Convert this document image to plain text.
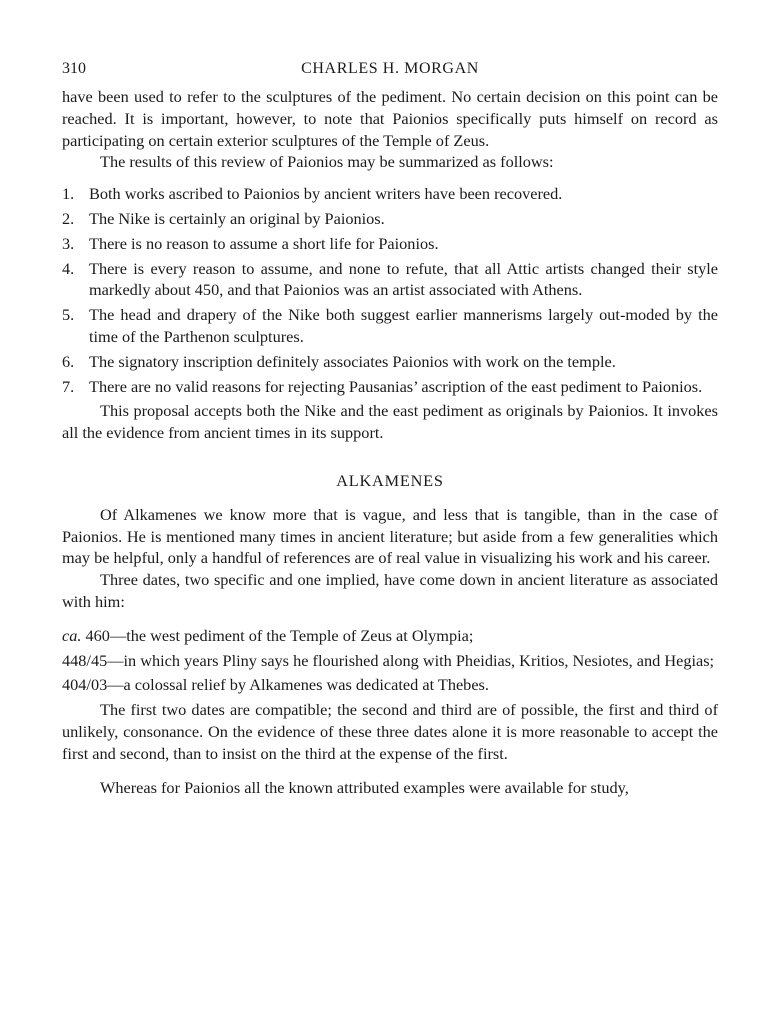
310	CHARLES H. MORGAN

have been used to refer to the sculptures of the pediment. No certain decision on this point can be reached. It is important, however, to note that Paionios specifically puts himself on record as participating on certain exterior sculptures of the Temple of Zeus.

The results of this review of Paionios may be summarized as follows:

1. Both works ascribed to Paionios by ancient writers have been recovered.
2. The Nike is certainly an original by Paionios.
3. There is no reason to assume a short life for Paionios.
4. There is every reason to assume, and none to refute, that all Attic artists changed their style markedly about 450, and that Paionios was an artist associated with Athens.
5. The head and drapery of the Nike both suggest earlier mannerisms largely out-moded by the time of the Parthenon sculptures.
6. The signatory inscription definitely associates Paionios with work on the temple.
7. There are no valid reasons for rejecting Pausanias’ ascription of the east pediment to Paionios.

This proposal accepts both the Nike and the east pediment as originals by Paionios. It invokes all the evidence from ancient times in its support.

ALKAMENES

Of Alkamenes we know more that is vague, and less that is tangible, than in the case of Paionios. He is mentioned many times in ancient literature; but aside from a few generalities which may be helpful, only a handful of references are of real value in visualizing his work and his career.

Three dates, two specific and one implied, have come down in ancient literature as associated with him:

ca. 460—the west pediment of the Temple of Zeus at Olympia;
448/45—in which years Pliny says he flourished along with Pheidias, Kritios, Nesiotes, and Hegias;
404/03—a colossal relief by Alkamenes was dedicated at Thebes.

The first two dates are compatible; the second and third are of possible, the first and third of unlikely, consonance. On the evidence of these three dates alone it is more reasonable to accept the first and second, than to insist on the third at the expense of the first.

Whereas for Paionios all the known attributed examples were available for study,
